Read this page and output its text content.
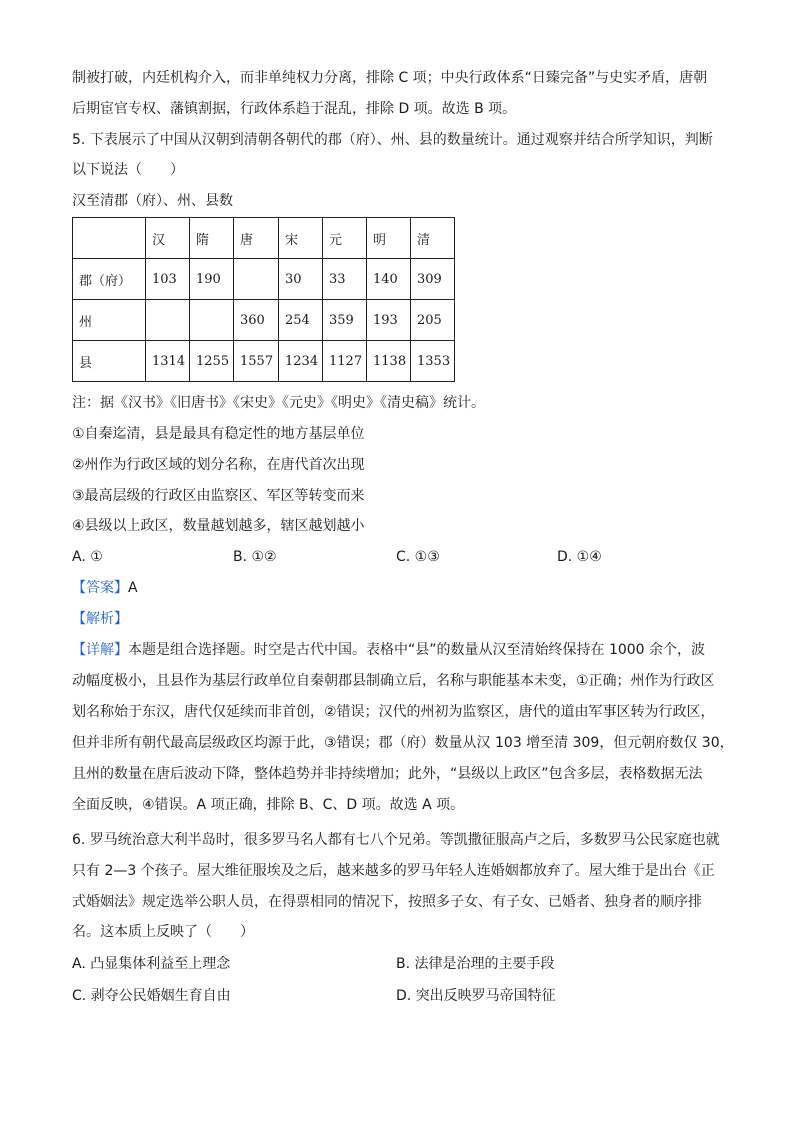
制被打破，内廷机构介入，而非单纯权力分离，排除 C 项；中央行政体系“日臻完备”与史实矛盾，唐朝
后期宦官专权、藩镇割据，行政体系趋于混乱，排除 D 项。故选 B 项。
5. 下表展示了中国从汉朝到清朝各朝代的郡（府）、州、县的数量统计。通过观察并结合所学知识，判断
以下说法（　　）
汉至清郡（府）、州、县数
	汉	隋	唐	宋	元	明	清
郡（府）	103	190		30	33	140	309
州			360	254	359	193	205
县	1314	1255	1557	1234	1127	1138	1353
注：据《汉书》《旧唐书》《宋史》《元史》《明史》《清史稿》统计。
①自秦迄清，县是最具有稳定性的地方基层单位
②州作为行政区域的划分名称，在唐代首次出现
③最高层级的行政区由监察区、军区等转变而来
④县级以上政区，数量越划越多，辖区越划越小
A. ①	B. ①②	C. ①③	D. ①④
【答案】A
【解析】
【详解】本题是组合选择题。时空是古代中国。表格中“县”的数量从汉至清始终保持在 1000 余个，波
动幅度极小，且县作为基层行政单位自秦朝郡县制确立后，名称与职能基本未变，①正确；州作为行政区
划名称始于东汉，唐代仅延续而非首创，②错误；汉代的州初为监察区，唐代的道由军事区转为行政区，
但并非所有朝代最高层级政区均源于此，③错误；郡（府）数量从汉 103 增至清 309，但元朝府数仅 30，
且州的数量在唐后波动下降，整体趋势并非持续增加；此外，“县级以上政区”包含多层，表格数据无法
全面反映，④错误。A 项正确，排除 B、C、D 项。故选 A 项。
6. 罗马统治意大利半岛时，很多罗马名人都有七八个兄弟。等凯撒征服高卢之后，多数罗马公民家庭也就
只有 2—3 个孩子。屋大维征服埃及之后，越来越多的罗马年轻人连婚姻都放弃了。屋大维于是出台《正
式婚姻法》规定选举公职人员，在得票相同的情况下，按照多子女、有子女、已婚者、独身者的顺序排
名。这本质上反映了（　　）
A. 凸显集体利益至上理念	B. 法律是治理的主要手段
C. 剥夺公民婚姻生育自由	D. 突出反映罗马帝国特征
